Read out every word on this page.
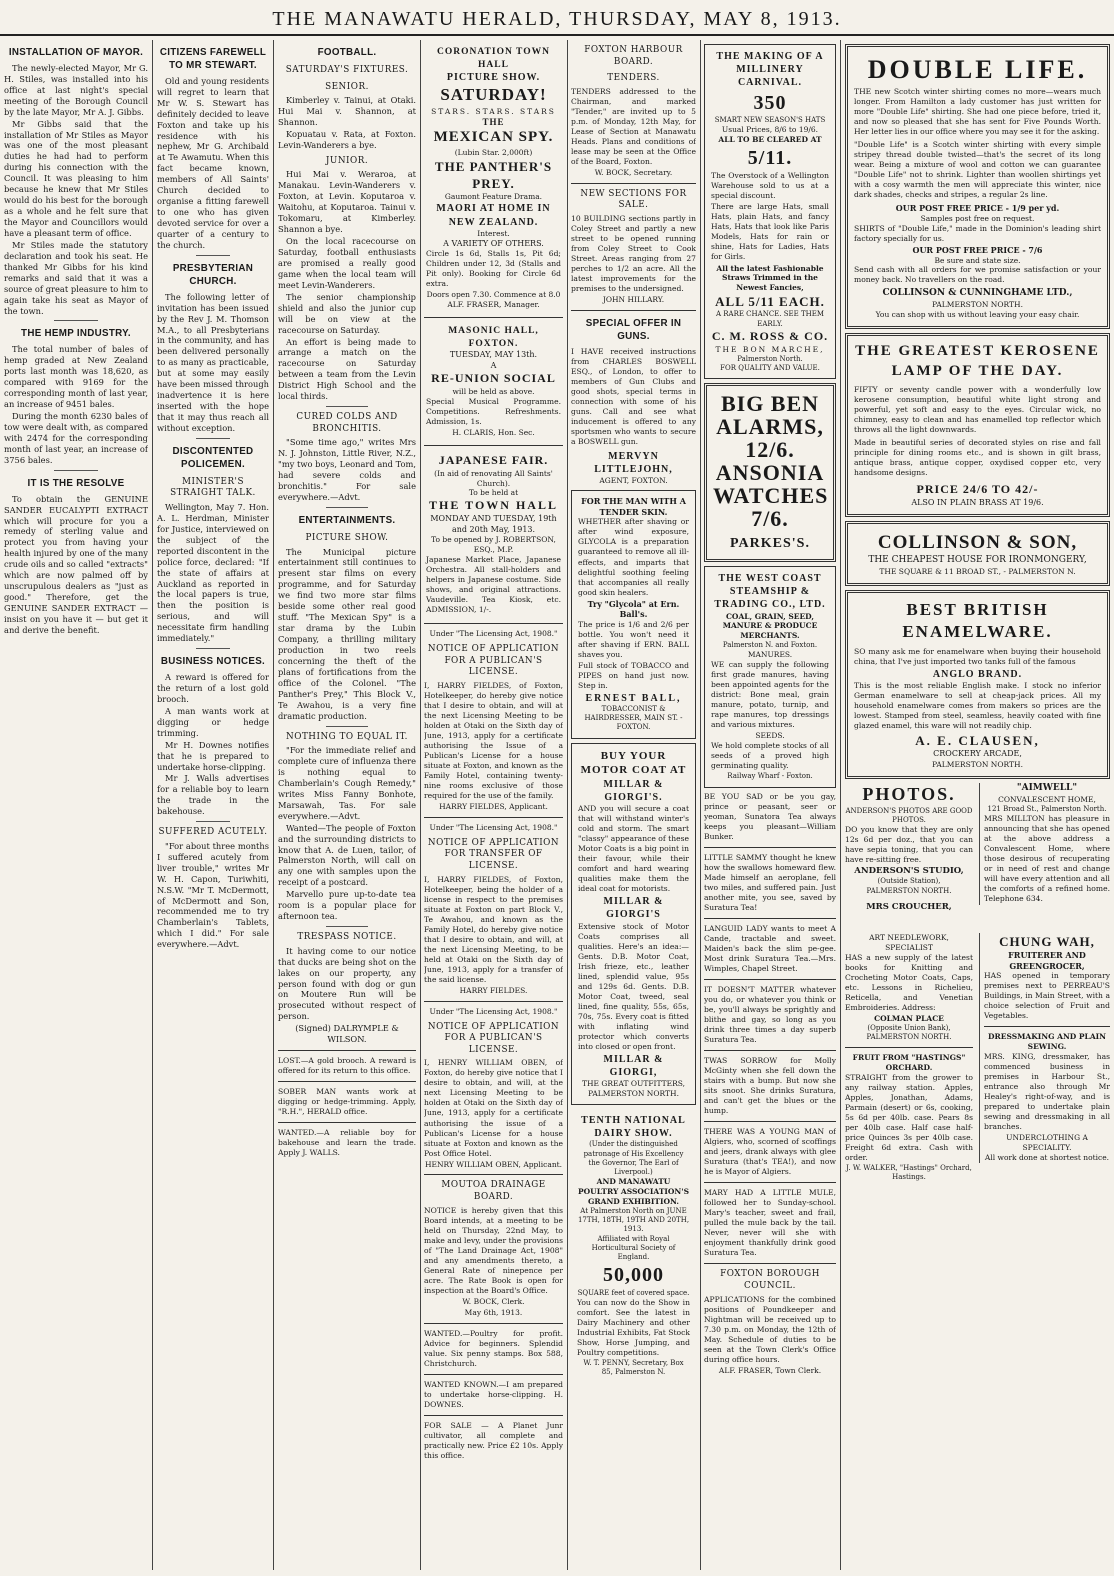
THE MANAWATU HERALD, THURSDAY, MAY 8, 1913.
INSTALLATION OF MAYOR.

The newly-elected Mayor, Mr G. H. Stiles, was installed into his office at last night's special meeting of the Borough Council by the late Mayor, Mr A. J. Gibbs.

Mr Gibbs said that the installation of Mr Stiles as Mayor was one of the most pleasant duties he had had to perform during his connection with the Council. It was pleasing to him because he knew that Mr Stiles would do his best for the borough as a whole and he felt sure that the Mayor and Councillors would have a pleasant term of office.

Mr Stiles made the statutory declaration and took his seat. He thanked Mr Gibbs for his kind remarks and said that it was a source of great pleasure to him to again take his seat as Mayor of the town.

THE HEMP INDUSTRY.

The total number of bales of hemp graded at New Zealand ports last month was 18,620, as compared with 9169 for the corresponding month of last year, an increase of 9451 bales.

During the month 6230 bales of tow were dealt with, as compared with 2474 for the corresponding month of last year, an increase of 3756 bales.

IT IS THE RESOLVE

To obtain the GENUINE SANDER EUCALYPTI EXTRACT which will procure for you a remedy of sterling value and protect you from having your health injured by one of the many crude oils and so called "extracts" which are now palmed off by unscrupulous dealers as "just as good." Therefore, get the GENUINE SANDER EXTRACT — insist on you have it — but get it and derive the benefit.

CITIZENS FAREWELL TO MR STEWART.

Old and young residents will regret to learn that Mr W. S. Stewart has definitely decided to leave Foxton and take up his residence with his nephew, Mr G. Archibald at Te Awamutu. When this fact became known, members of All Saints' Church decided to organise a fitting farewell to one who has given devoted service for over a quarter of a century to the church.

PRESBYTERIAN CHURCH.

The following letter of invitation has been issued by the Rev J. M. Thomson M.A., to all Presbyterians in the community, and has been delivered personally to as many as practicable, but at some may easily have been missed through inadvertence it is here inserted with the hope that it may thus reach all without exception.

DISCONTENTED POLICEMEN.
MINISTER'S STRAIGHT TALK.

Wellington, May 7. Hon. A. L. Herdman, Minister for Justice, interviewed on the subject of the reported discontent in the police force, declared: "If the state of affairs at Auckland as reported in the local papers is true, then the position is serious, and will necessitate firm handling immediately."

BUSINESS NOTICES.

A reward is offered for the return of a lost gold brooch.

A man wants work at digging or hedge trimming.

Mr H. Downes notifies that he is prepared to undertake horse-clipping.

Mr J. Walls advertises for a reliable boy to learn the trade in the bakehouse.

SUFFERED ACUTELY.

"For about three months I suffered acutely from liver trouble," writes Mr W. H. Capon, Turiwhiti, N.S.W. "Mr T. McDermott, of McDermott and Son, recommended me to try Chamberlain's Tablets, which I did." For sale everywhere.—Advt.

FOOTBALL.
SATURDAY'S FIXTURES.
SENIOR.

Kimberley v. Tainui, at Otaki. Hui Mai v. Shannon, at Shannon.

Kopuatau v. Rata, at Foxton. Levin-Wanderers a bye.

JUNIOR.

Hui Mai v. Weraroa, at Manakau. Levin-Wanderers v. Foxton, at Levin. Koputaroa v. Waitohu, at Koputaroa. Tainui v. Tokomaru, at Kimberley. Shannon a bye.

On the local racecourse on Saturday, football enthusiasts are promised a really good game when the local team will meet Levin-Wanderers.

The senior championship shield and also the junior cup will be on view at the racecourse on Saturday.

An effort is being made to arrange a match on the racecourse on Saturday between a team from the Levin District High School and the local thirds.

CURED COLDS AND BRONCHITIS.

"Some time ago," writes Mrs N. J. Johnston, Little River, N.Z., "my two boys, Leonard and Tom, had severe colds and bronchitis." For sale everywhere.—Advt.

ENTERTAINMENTS.
PICTURE SHOW.

The Municipal picture entertainment still continues to present star films on every programme, and for Saturday we find two more star films beside some other real good stuff. "The Mexican Spy" is a star drama by the Lubin Company, a thrilling military production in two reels concerning the theft of the plans of fortifications from the office of the Colonel. "The Panther's Prey," This Block V., Te Awahou, is a very fine dramatic production.

NOTHING TO EQUAL IT.

"For the immediate relief and complete cure of influenza there is nothing equal to Chamberlain's Cough Remedy," writes Miss Fanny Bonhote, Marsawah, Tas. For sale everywhere.—Advt.

Wanted—The people of Foxton and the surrounding districts to know that A. de Luen, tailor, of Palmerston North, will call on any one with samples upon the receipt of a postcard.

Marvello pure up-to-date tea room is a popular place for afternoon tea.

TRESPASS NOTICE.

It having come to our notice that ducks are being shot on the lakes on our property, any person found with dog or gun on Moutere Run will be prosecuted without respect of person.

(Signed) DALRYMPLE & WILSON.

LOST.—A gold brooch. A reward is offered for its return to this office.

SOBER MAN wants work at digging or hedge-trimming. Apply, "R.H.", HERALD office.

WANTED.—A reliable boy for bakehouse and learn the trade. Apply J. WALLS.

CORONATION TOWN HALL
PICTURE SHOW.
SATURDAY!
STARS. STARS. STARS
THE
MEXICAN SPY.
(Lubin Star. 2,000ft)
THE PANTHER'S PREY.
Gaumont Feature Drama.
MAORI AT HOME IN NEW ZEALAND.
Interest.
A VARIETY OF OTHERS.

Circle 1s 6d, Stalls 1s, Pit 6d; Children under 12, 3d (Stalls and Pit only). Booking for Circle 6d extra.

Doors open 7.30. Commence at 8.0
ALF. FRASER, Manager.
MASONIC HALL, FOXTON.
TUESDAY, MAY 13th.
A
RE-UNION SOCIAL
will be held as above.

Special Musical Programme. Competitions. Refreshments. Admission, 1s.

H. CLARIS, Hon. Sec.
JAPANESE FAIR.
(In aid of renovating All Saints' Church).
To be held at
THE TOWN HALL
MONDAY AND TUESDAY, 19th and 20th May, 1913.
To be opened by J. ROBERTSON, ESQ., M.P.

Japanese Market Place, Japanese Orchestra. All stall-holders and helpers in Japanese costume. Side shows, and original attractions. Vaudeville. Tea Kiosk, etc. ADMISSION, 1/-.

Under "The Licensing Act, 1908."

NOTICE OF APPLICATION FOR A PUBLICAN'S LICENSE.

I, HARRY FIELDES, of Foxton, Hotelkeeper, do hereby give notice that I desire to obtain, and will at the next Licensing Meeting to be holden at Otaki on the Sixth day of June, 1913, apply for a certificate authorising the Issue of a Publican's License for a house situate at Foxton, and known as the Family Hotel, containing twenty-nine rooms exclusive of those required for the use of the family.

HARRY FIELDES, Applicant.

Under "The Licensing Act, 1908."

NOTICE OF APPLICATION FOR TRANSFER OF LICENSE.

I, HARRY FIELDES, of Foxton, Hotelkeeper, being the holder of a license in respect to the premises situate at Foxton on part Block V., Te Awahou, and known as the Family Hotel, do hereby give notice that I desire to obtain, and will, at the next Licensing Meeting, to be held at Otaki on the Sixth day of June, 1913, apply for a transfer of the said license.

HARRY FIELDES.

Under "The Licensing Act, 1908."

NOTICE OF APPLICATION FOR A PUBLICAN'S LICENSE.

I, HENRY WILLIAM OBEN, of Foxton, do hereby give notice that I desire to obtain, and will, at the next Licensing Meeting to be holden at Otaki on the Sixth day of June, 1913, apply for a certificate authorising the issue of a Publican's License for a house situate at Foxton and known as the Post Office Hotel.

HENRY WILLIAM OBEN, Applicant.

MOUTOA DRAINAGE BOARD.

NOTICE is hereby given that this Board intends, at a meeting to be held on Thursday, 22nd May, to make and levy, under the provisions of "The Land Drainage Act, 1908" and any amendments thereto, a General Rate of ninepence per acre. The Rate Book is open for inspection at the Board's Office.

W. BOCK, Clerk.

May 6th, 1913.

WANTED.—Poultry for profit. Advice for beginners. Splendid value. Six penny stamps. Box 588, Christchurch.

WANTED KNOWN.—I am prepared to undertake horse-clipping. H. DOWNES.

FOR SALE — A Planet Junr cultivator, all complete and practically new. Price £2 10s. Apply this office.

FOXTON HARBOUR BOARD.
TENDERS.

TENDERS addressed to the Chairman, and marked "Tender," are invited up to 5 p.m. of Monday, 12th May, for Lease of Section at Manawatu Heads. Plans and conditions of lease may be seen at the Office of the Board, Foxton.

W. BOCK, Secretary.

NEW SECTIONS FOR SALE.

10 BUILDING sections partly in Coley Street and partly a new street to be opened running from Coley Street to Cook Street. Areas ranging from 27 perches to 1/2 an acre. All the latest improvements for the premises to the undersigned.

JOHN HILLARY.

SPECIAL OFFER IN GUNS.

I HAVE received instructions from CHARLES BOSWELL ESQ., of London, to offer to members of Gun Clubs and good shots, special terms in connection with some of his guns. Call and see what inducement is offered to any sportsmen who wants to secure a BOSWELL gun.

MERVYN LITTLEJOHN,
AGENT, FOXTON.
FOR THE MAN WITH A TENDER SKIN.

WHETHER after shaving or after wind exposure, GLYCOLA is a preparation guaranteed to remove all ill-effects, and imparts that delightful soothing feeling that accompanies all really good skin healers.

Try "Glycola" at Ern. Ball's.

The price is 1/6 and 2/6 per bottle. You won't need it after shaving if ERN. BALL shaves you.

Full stock of TOBACCO and PIPES on hand just now. Step in.

ERNEST BALL,
TOBACCONIST & HAIRDRESSER, MAIN ST. - FOXTON.
BUY YOUR MOTOR COAT AT
MILLAR & GIORGI'S.

AND you will secure a coat that will withstand winter's cold and storm. The smart "classy" appearance of these Motor Coats is a big point in their favour, while their comfort and hard wearing qualities make them the ideal coat for motorists.

MILLAR & GIORGI'S

Extensive stock of Motor Coats comprises all qualities. Here's an idea:— Gents. D.B. Motor Coat, Irish frieze, etc., leather lined, splendid value, 95s and 129s 6d. Gents. D.B. Motor Coat, tweed, seal lined, fine quality, 55s, 65s, 70s, 75s. Every coat is fitted with inflating wind protector which converts into closed or open front.

MILLAR & GIORGI,
THE GREAT OUTFITTERS,
PALMERSTON NORTH.
TENTH NATIONAL DAIRY SHOW.
(Under the distinguished patronage of His Excellency the Governor, The Earl of Liverpool.)
AND MANAWATU POULTRY ASSOCIATION'S GRAND EXHIBITION.
At Palmerston North on JUNE 17TH, 18TH, 19TH AND 20TH, 1913.
Affiliated with Royal Horticultural Society of England.
50,000
SQUARE feet of covered space.

You can now do the Show in comfort. See the latest in Dairy Machinery and other Industrial Exhibits, Fat Stock Show, Horse Jumping, and Poultry competitions.

W. T. PENNY, Secretary, Box 85, Palmerston N.
THE MAKING OF A MILLINERY CARNIVAL.
350
SMART NEW SEASON'S HATS
Usual Prices, 8/6 to 19/6.
ALL TO BE CLEARED AT
5/11.

The Overstock of a Wellington Warehouse sold to us at a special discount.

There are large Hats, small Hats, plain Hats, and fancy Hats, Hats that look like Paris Models, Hats for rain or shine, Hats for Ladies, Hats for Girls.

All the latest Fashionable Straws Trimmed in the Newest Fancies,
ALL 5/11 EACH.
A RARE CHANCE. SEE THEM EARLY.
C. M. ROSS & CO.
THE BON MARCHE,
Palmerston North.
FOR QUALITY AND VALUE.
BIG BEN
ALARMS,
12/6.
ANSONIA
WATCHES
7/6.
PARKES'S.
THE WEST COAST STEAMSHIP & TRADING CO., LTD.
COAL, GRAIN, SEED, MANURE & PRODUCE MERCHANTS.
Palmerston N. and Foxton.
MANURES.

WE can supply the following first grade manures, having been appointed agents for the district: Bone meal, grain manure, potato, turnip, and rape manures, top dressings and various mixtures.

SEEDS.

We hold complete stocks of all seeds of a proved high germinating quality.

Railway Wharf - Foxton.

BE YOU SAD or be you gay, prince or peasant, seer or yeoman, Sunatora Tea always keeps you pleasant—William Bunker.

LITTLE SAMMY thought he knew how the swallows homeward flew. Made himself an aeroplane, fell two miles, and suffered pain. Just another mite, you see, saved by Suratura Tea!

LANGUID LADY wants to meet A Cande, tractable and sweet. Maiden's back the slim pe-gee. Most drink Suratura Tea.—Mrs. Wimples, Chapel Street.

IT DOESN'T MATTER whatever you do, or whatever you think or be, you'll always be sprightly and blithe and gay, so long as you drink three times a day superb Suratura Tea.

TWAS SORROW for Molly McGinty when she fell down the stairs with a bump. But now she sits snoot. She drinks Suratura, and can't get the blues or the hump.

THERE WAS A YOUNG MAN of Algiers, who, scorned of scoffings and jeers, drank always with glee Suratura (that's TEA!), and now he is Mayor of Algiers.

MARY HAD A LITTLE MULE, followed her to Sunday-school. Mary's teacher, sweet and frail, pulled the mule back by the tail. Never, never will she with enjoyment thankfully drink good Suratura Tea.

FOXTON BOROUGH COUNCIL.

APPLICATIONS for the combined positions of Poundkeeper and Nightman will be received up to 7.30 p.m. on Monday, the 12th of May. Schedule of duties to be seen at the Town Clerk's Office during office hours.

ALF. FRASER, Town Clerk.

DOUBLE LIFE.

THE new Scotch winter shirting comes no more—wears much longer. From Hamilton a lady customer has just written for more "Double Life" shirting. She had one piece before, tried it, and now so pleased that she has sent for Five Pounds Worth. Her letter lies in our office where you may see it for the asking.

"Double Life" is a Scotch winter shirting with every simple stripey thread double twisted—that's the secret of its long wear. Being a mixture of wool and cotton we can guarantee "Double Life" not to shrink. Lighter than woollen shirtings yet with a cosy warmth the men will appreciate this winter, nice dark shades, checks and stripes, a regular 2s line.

OUR POST FREE PRICE - 1/9 per yd.
Samples post free on request.

SHIRTS of "Double Life," made in the Dominion's leading shirt factory specially for us.

OUR POST FREE PRICE - 7/6
Be sure and state size.

Send cash with all orders for we promise satisfaction or your money back. No travellers on the road.

COLLINSON & CUNNINGHAME LTD.,
PALMERSTON NORTH.
You can shop with us without leaving your easy chair.
THE GREATEST KEROSENE LAMP OF THE DAY.

FIFTY or seventy candle power with a wonderfully low kerosene consumption, beautiful white light strong and powerful, yet soft and easy to the eyes. Circular wick, no chimney, easy to clean and has enamelled top reflector which throws all the light downwards.

Made in beautiful series of decorated styles on rise and fall principle for dining rooms etc., and is shown in gilt brass, antique brass, antique copper, oxydised copper etc, very handsome designs.

PRICE 24/6 TO 42/-
ALSO IN PLAIN BRASS AT 19/6.
COLLINSON & SON,
THE CHEAPEST HOUSE FOR IRONMONGERY,
THE SQUARE & 11 BROAD ST., - PALMERSTON N.
BEST BRITISH ENAMELWARE.

SO many ask me for enamelware when buying their household china, that I've just imported two tanks full of the famous

ANGLO BRAND.

This is the most reliable English make. I stock no inferior German enamelware to sell at cheap-jack prices. All my household enamelware comes from makers so prices are the lowest. Stamped from steel, seamless, heavily coated with fine glazed enamel, this ware will not readily chip.

A. E. CLAUSEN,
CROCKERY ARCADE,
PALMERSTON NORTH.
PHOTOS.
ANDERSON'S PHOTOS ARE GOOD PHOTOS.

DO you know that they are only 12s 6d per doz., that you can have sepia toning, that you can have re-sitting free.

ANDERSON'S STUDIO,
(Outside Station),
PALMERSTON NORTH.
MRS CROUCHER,
"AIMWELL"
CONVALESCENT HOME,
121 Broad St., Palmerston North.

MRS MILLTON has pleasure in announcing that she has opened at the above address a Convalescent Home, where those desirous of recuperating or in need of rest and change will have every attention and all the comforts of a refined home. Telephone 634.

ART NEEDLEWORK,
SPECIALIST

HAS a new supply of the latest books for Knitting and Crocheting Motor Coats, Caps, etc. Lessons in Richelieu, Reticella, and Venetian Embroideries. Address:

COLMAN PLACE
(Opposite Union Bank), PALMERSTON NORTH.
FRUIT FROM "HASTINGS" ORCHARD.

STRAIGHT from the grower to any railway station. Apples, Apples, Jonathan, Adams, Parmain (desert) or 6s, cooking, 5s 6d per 40lb. case. Pears 8s per 40lb case. Half case half-price Quinces 3s per 40lb case. Freight 6d extra. Cash with order.

J. W. WALKER, "Hastings" Orchard, Hastings.
CHUNG WAH,
FRUITERER AND GREENGROCER,

HAS opened in temporary premises next to PERREAU'S Buildings, in Main Street, with a choice selection of Fruit and Vegetables.

DRESSMAKING AND PLAIN SEWING.

MRS. KING, dressmaker, has commenced business in premises in Harbour St., entrance also through Mr Healey's right-of-way, and is prepared to undertake plain sewing and dressmaking in all branches.

UNDERCLOTHING A SPECIALITY.
All work done at shortest notice.
